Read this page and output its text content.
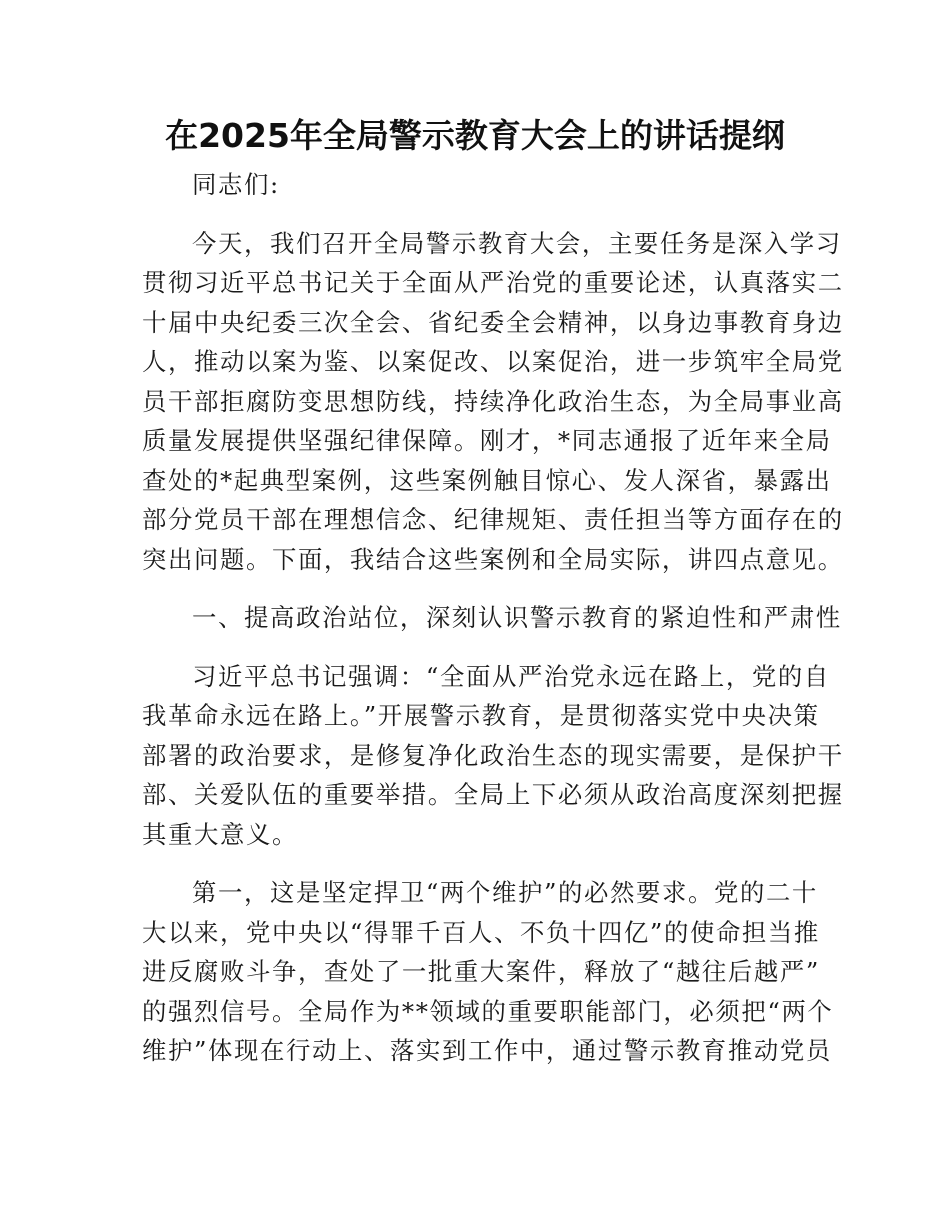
在2025年全局警示教育大会上的讲话提纲
同志们:
今天，我们召开全局警示教育大会，主要任务是深入学习
贯彻习近平总书记关于全面从严治党的重要论述，认真落实二
十届中央纪委三次全会、省纪委全会精神，以身边事教育身边
人，推动以案为鉴、以案促改、以案促治，进一步筑牢全局党
员干部拒腐防变思想防线，持续净化政治生态，为全局事业高
质量发展提供坚强纪律保障。刚才，*同志通报了近年来全局
查处的*起典型案例，这些案例触目惊心、发人深省，暴露出
部分党员干部在理想信念、纪律规矩、责任担当等方面存在的
突出问题。下面，我结合这些案例和全局实际，讲四点意见。
一、提高政治站位，深刻认识警示教育的紧迫性和严肃性
习近平总书记强调：“全面从严治党永远在路上，党的自
我革命永远在路上。”开展警示教育，是贯彻落实党中央决策
部署的政治要求，是修复净化政治生态的现实需要，是保护干
部、关爱队伍的重要举措。全局上下必须从政治高度深刻把握
其重大意义。
第一，这是坚定捍卫“两个维护”的必然要求。党的二十
大以来，党中央以“得罪千百人、不负十四亿”的使命担当推
进反腐败斗争，查处了一批重大案件，释放了“越往后越严”
的强烈信号。全局作为**领域的重要职能部门，必须把“两个
维护”体现在行动上、落实到工作中，通过警示教育推动党员
